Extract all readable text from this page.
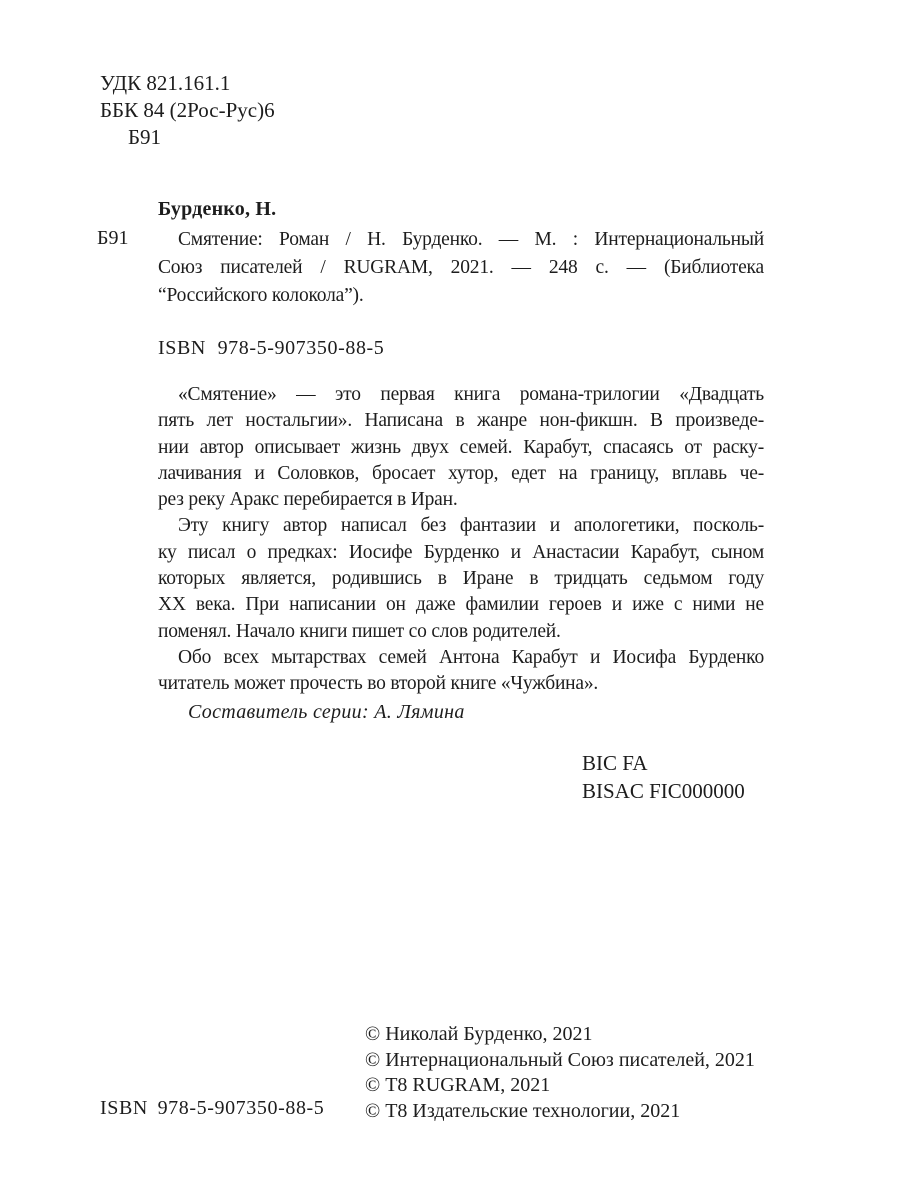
УДК 821.161.1
ББК 84 (2Рос-Рус)6
Б91
Бурденко, Н.
Б91	Смятение: Роман / Н. Бурденко. — М. : Интернациональный
Союз писателей / RUGRAM, 2021. — 248 с. — (Библиотека
“Российского колокола”).
ISBN 978-5-907350-88-5
«Смятение» — это первая книга романа-трилогии «Двадцать
пять лет ностальгии». Написана в жанре нон-фикшн. В произведе-
нии автор описывает жизнь двух семей. Карабут, спасаясь от раску-
лачивания и Соловков, бросает хутор, едет на границу, вплавь че-
рез реку Аракс перебирается в Иран.
Эту книгу автор написал без фантазии и апологетики, посколь-
ку писал о предках: Иосифе Бурденко и Анастасии Карабут, сыном
которых является, родившись в Иране в тридцать седьмом году
XX века. При написании он даже фамилии героев и иже с ними не
поменял. Начало книги пишет со слов родителей.
Обо всех мытарствах семей Антона Карабут и Иосифа Бурденко
читатель может прочесть во второй книге «Чужбина».
Составитель серии: А. Лямина
BIC FA
BISAC FIC000000
© Николай Бурденко, 2021
© Интернациональный Союз писателей, 2021
© Т8 RUGRAM, 2021
© Т8 Издательские технологии, 2021
ISBN 978-5-907350-88-5
